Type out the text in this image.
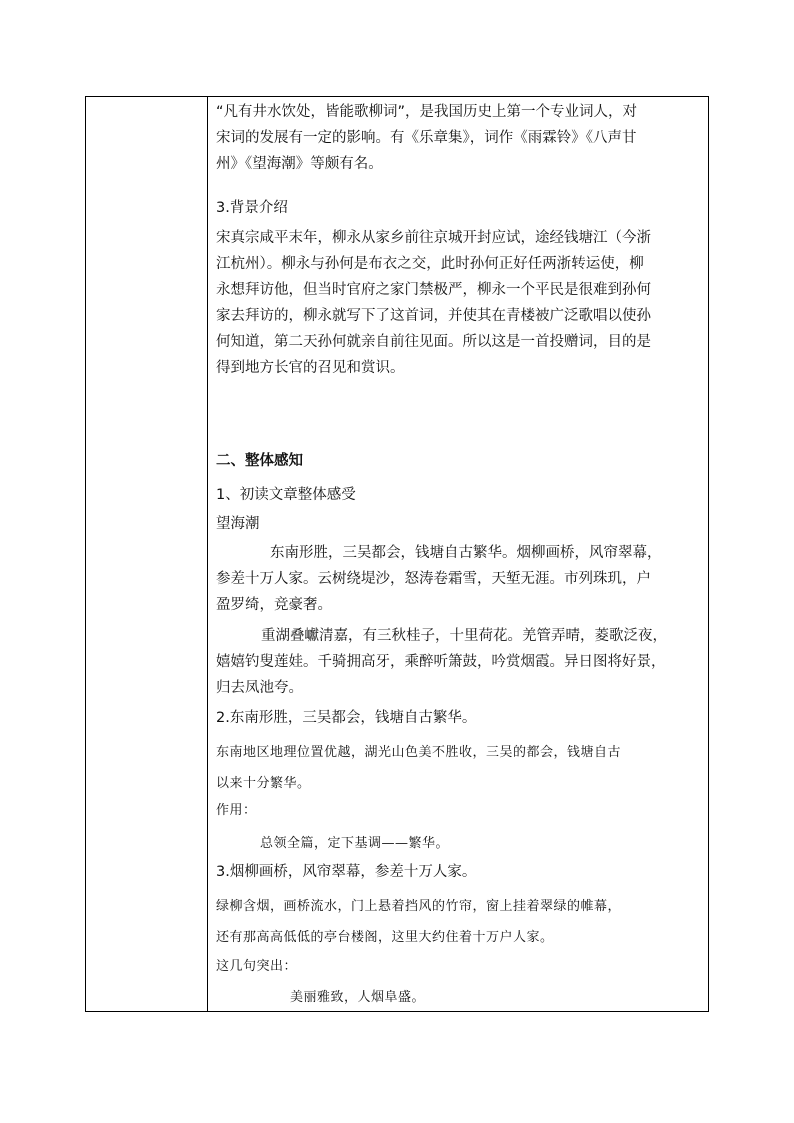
“凡有井水饮处，皆能歌柳词”，是我国历史上第一个专业词人，对

宋词的发展有一定的影响。有《乐章集》，词作《雨霖铃》《八声甘

州》《望海潮》等颇有名。

3.背景介绍

宋真宗咸平末年，柳永从家乡前往京城开封应试，途经钱塘江（今浙

江杭州）。柳永与孙何是布衣之交，此时孙何正好任两浙转运使，柳

永想拜访他，但当时官府之家门禁极严，柳永一个平民是很难到孙何

家去拜访的，柳永就写下了这首词，并使其在青楼被广泛歌唱以使孙

何知道，第二天孙何就亲自前往见面。所以这是一首投赠词，目的是

得到地方长官的召见和赏识。

二、整体感知

1、初读文章整体感受

望海潮

东南形胜，三吴都会，钱塘自古繁华。烟柳画桥，风帘翠幕，

参差十万人家。云树绕堤沙，怒涛卷霜雪，天堑无涯。市列珠玑，户

盈罗绮，竞豪奢。

重湖叠巘清嘉，有三秋桂子，十里荷花。羌管弄晴，菱歌泛夜，

嬉嬉钓叟莲娃。千骑拥高牙，乘醉听箫鼓，吟赏烟霞。异日图将好景，

归去凤池夸。

2.东南形胜，三吴都会，钱塘自古繁华。

东南地区地理位置优越，湖光山色美不胜收，三吴的都会，钱塘自古

以来十分繁华。

作用：

总领全篇，定下基调——繁华。

3.烟柳画桥，风帘翠幕，参差十万人家。

绿柳含烟，画桥流水，门上悬着挡风的竹帘，窗上挂着翠绿的帷幕，

还有那高高低低的亭台楼阁，这里大约住着十万户人家。

这几句突出：

美丽雅致，人烟阜盛。
